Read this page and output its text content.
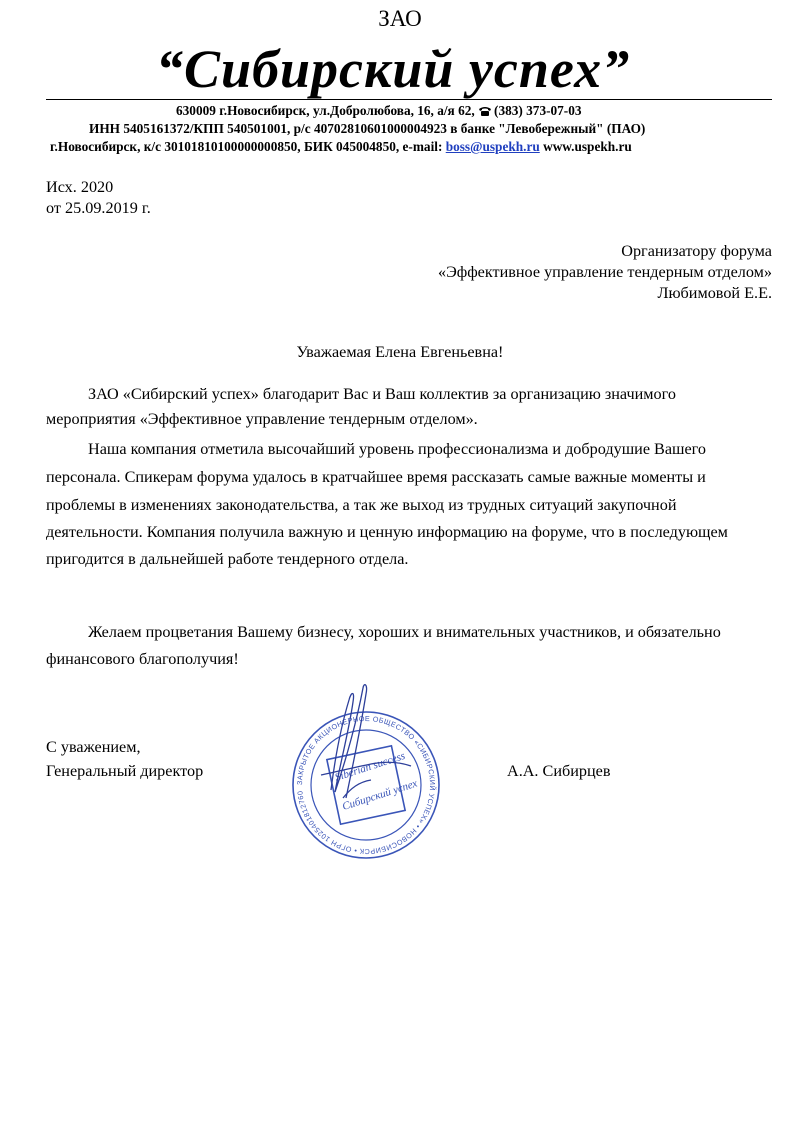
ЗАО
“Сибирский успех”
630009 г.Новосибирск, ул.Добролюбова, 16, а/я 62, (383) 373-07-03
ИНН 5405161372/КПП 540501001, р/с 40702810601000004923 в банке "Левобережный" (ПАО)
г.Новосибирск, к/с 30101810100000000850, БИК 045004850, e-mail: boss@uspekh.ru www.uspekh.ru
Исх. 2020
от 25.09.2019 г.
Организатору форума
«Эффективное управление тендерным отделом»
Любимовой Е.Е.
Уважаемая Елена Евгеньевна!
ЗАО «Сибирский успех» благодарит Вас и Ваш коллектив за организацию значимого
мероприятия «Эффективное управление тендерным отделом».
Наша компания отметила высочайший уровень профессионализма и добродушие Вашего
персонала. Спикерам форума удалось в кратчайшее время рассказать самые важные моменты и
проблемы в изменениях законодательства, а так же выход из трудных ситуаций закупочной
деятельности. Компания получила важную и ценную информацию на форуме, что в последующем
пригодится в дальнейшей работе тендерного отдела.
Желаем процветания Вашему бизнесу, хороших и внимательных участников, и обязательно
финансового благополучия!
С уважением,
Генеральный директор	А.А. Сибирцев
ЗАКРЫТОЕ АКЦИОНЕРНОЕ ОБЩЕСТВО «СИБИРСКИЙ УСПЕХ» • НОВОСИБИРСК • ОГРН 1025401812760
Siberian success
Сибирский успех
